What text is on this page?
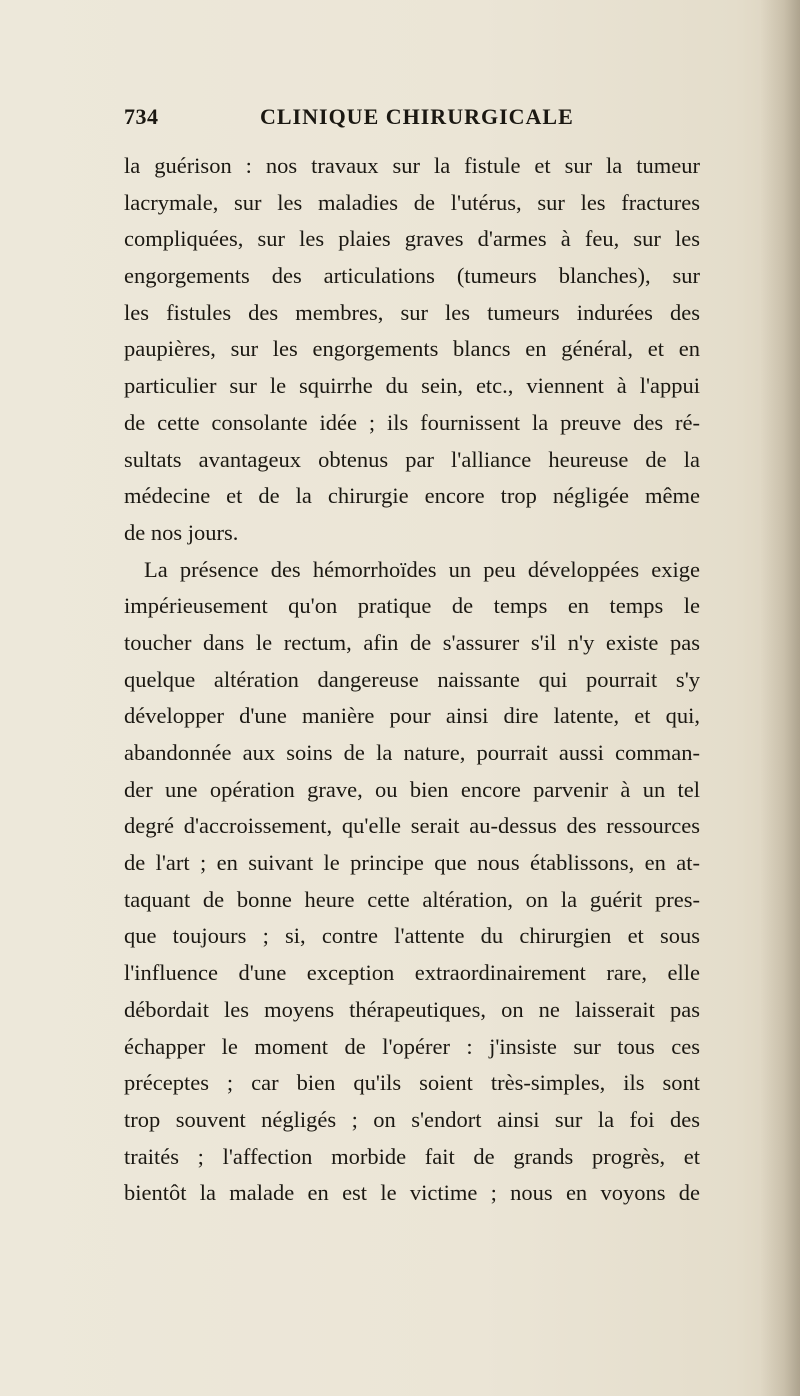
734	CLINIQUE CHIRURGICALE
la guérison : nos travaux sur la fistule et sur la tumeur
lacrymale, sur les maladies de l'utérus, sur les fractures
compliquées, sur les plaies graves d'armes à feu, sur les
engorgements des articulations (tumeurs blanches), sur
les fistules des membres, sur les tumeurs indurées des
paupières, sur les engorgements blancs en général, et en
particulier sur le squirrhe du sein, etc., viennent à l'appui
de cette consolante idée ; ils fournissent la preuve des ré-
sultats avantageux obtenus par l'alliance heureuse de la
médecine et de la chirurgie encore trop négligée même
de nos jours.
La présence des hémorrhoïdes un peu développées exige
impérieusement qu'on pratique de temps en temps le
toucher dans le rectum, afin de s'assurer s'il n'y existe pas
quelque altération dangereuse naissante qui pourrait s'y
développer d'une manière pour ainsi dire latente, et qui,
abandonnée aux soins de la nature, pourrait aussi comman-
der une opération grave, ou bien encore parvenir à un tel
degré d'accroissement, qu'elle serait au-dessus des ressources
de l'art ; en suivant le principe que nous établissons, en at-
taquant de bonne heure cette altération, on la guérit pres-
que toujours ; si, contre l'attente du chirurgien et sous
l'influence d'une exception extraordinairement rare, elle
débordait les moyens thérapeutiques, on ne laisserait pas
échapper le moment de l'opérer : j'insiste sur tous ces
préceptes ; car bien qu'ils soient très-simples, ils sont
trop souvent négligés ; on s'endort ainsi sur la foi des
traités ; l'affection morbide fait de grands progrès, et
bientôt la malade en est le victime ; nous en voyons de
